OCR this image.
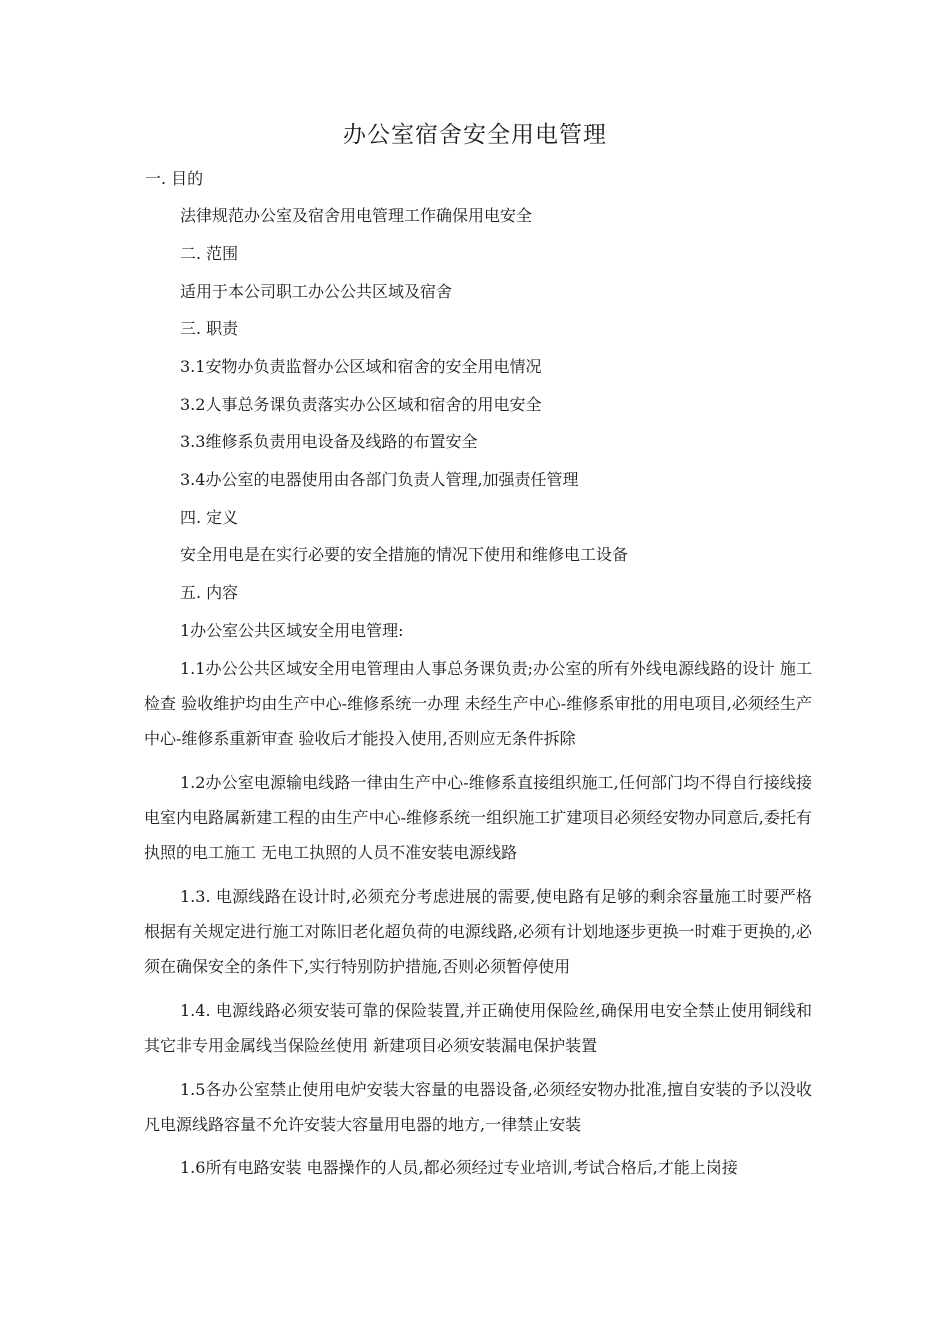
办公室宿舍安全用电管理
一. 目的
法律规范办公室及宿舍用电管理工作确保用电安全
二. 范围
适用于本公司职工办公公共区域及宿舍
三. 职责
3.1安物办负责监督办公区域和宿舍的安全用电情况
3.2人事总务课负责落实办公区域和宿舍的用电安全
3.3维修系负责用电设备及线路的布置安全
3.4办公室的电器使用由各部门负责人管理,加强责任管理
四. 定义
安全用电是在实行必要的安全措施的情况下使用和维修电工设备
五. 内容
1办公室公共区域安全用电管理:
1.1办公公共区域安全用电管理由人事总务课负责;办公室的所有外线电源线路的设计 施工 检查 验收维护均由生产中心-维修系统一办理 未经生产中心-维修系审批的用电项目,必须经生产中心-维修系重新审查 验收后才能投入使用,否则应无条件拆除
1.2办公室电源输电线路一律由生产中心-维修系直接组织施工,任何部门均不得自行接线接电室内电路属新建工程的由生产中心-维修系统一组织施工扩建项目必须经安物办同意后,委托有执照的电工施工 无电工执照的人员不准安装电源线路
1.3. 电源线路在设计时,必须充分考虑进展的需要,使电路有足够的剩余容量施工时要严格根据有关规定进行施工对陈旧老化超负荷的电源线路,必须有计划地逐步更换一时难于更换的,必须在确保安全的条件下,实行特别防护措施,否则必须暂停使用
1.4. 电源线路必须安装可靠的保险装置,并正确使用保险丝,确保用电安全禁止使用铜线和其它非专用金属线当保险丝使用 新建项目必须安装漏电保护装置
1.5各办公室禁止使用电炉安装大容量的电器设备,必须经安物办批准,擅自安装的予以没收凡电源线路容量不允许安装大容量用电器的地方,一律禁止安装
1.6所有电路安装 电器操作的人员,都必须经过专业培训,考试合格后,才能上岗接
